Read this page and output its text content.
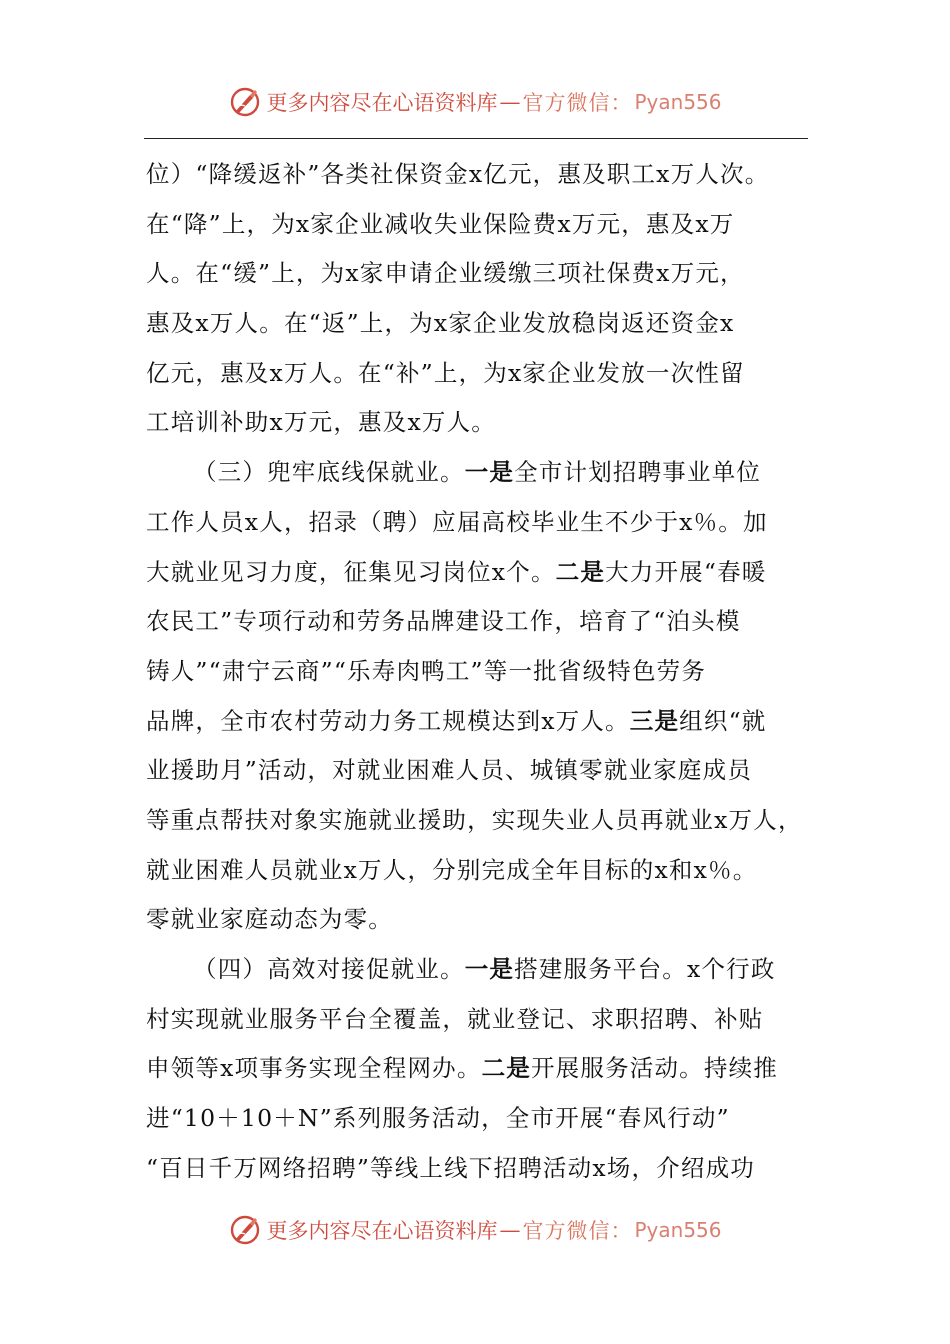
更多内容尽在心语资料库 — 官方微信： Pyan556
位）“降缓返补”各类社保资金x亿元，惠及职工x万人次。
在“降”上，为x家企业减收失业保险费x万元，惠及x万
人。在“缓”上，为x家申请企业缓缴三项社保费x万元，
惠及x万人。在“返”上，为x家企业发放稳岗返还资金x
亿元，惠及x万人。在“补”上，为x家企业发放一次性留
工培训补助x万元，惠及x万人。
（三）兜牢底线保就业。一是全市计划招聘事业单位
工作人员x人，招录（聘）应届高校毕业生不少于x％。加
大就业见习力度，征集见习岗位x个。二是大力开展“春暖
农民工”专项行动和劳务品牌建设工作，培育了“泊头模
铸人”“肃宁云商”“乐寿肉鸭工”等一批省级特色劳务
品牌，全市农村劳动力务工规模达到x万人。三是组织“就
业援助月”活动，对就业困难人员、城镇零就业家庭成员
等重点帮扶对象实施就业援助，实现失业人员再就业x万人，
就业困难人员就业x万人，分别完成全年目标的x和x％。
零就业家庭动态为零。
（四）高效对接促就业。一是搭建服务平台。x个行政
村实现就业服务平台全覆盖，就业登记、求职招聘、补贴
申领等x项事务实现全程网办。二是开展服务活动。持续推
进“10＋10＋N”系列服务活动，全市开展“春风行动”
“百日千万网络招聘”等线上线下招聘活动x场，介绍成功
更多内容尽在心语资料库 — 官方微信： Pyan556
